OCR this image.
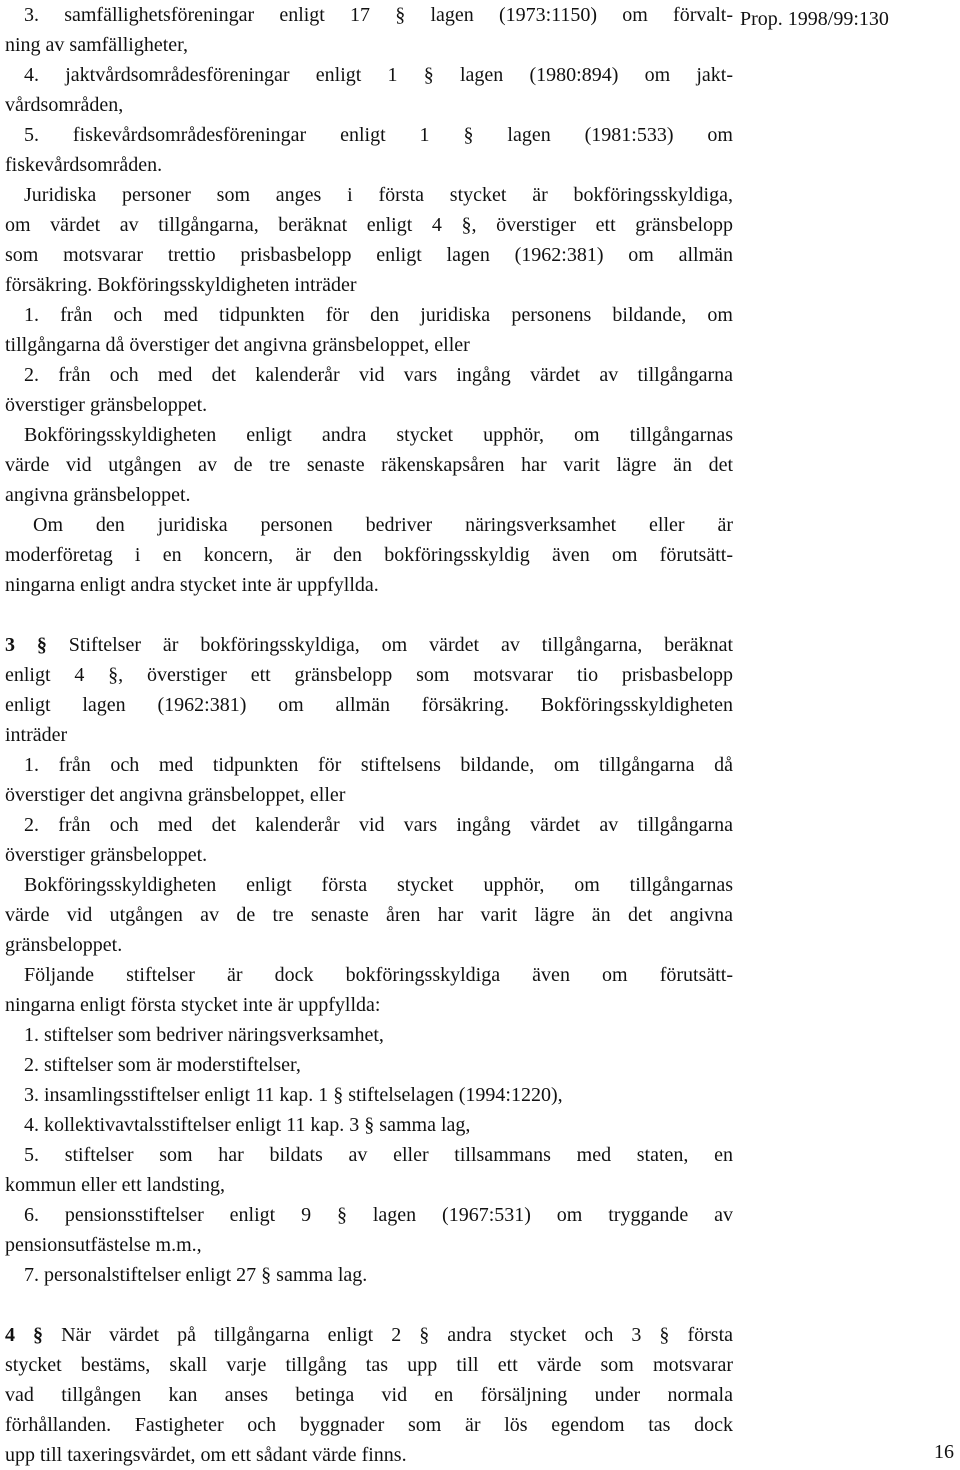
Prop. 1998/99:130
3. samfällighetsföreningar enligt 17 § lagen (1973:1150) om förvalt-
ning av samfälligheter,
4. jaktvårdsområdesföreningar enligt 1 § lagen (1980:894) om jakt-
vårdsområden,
5. fiskevårdsområdesföreningar enligt 1 § lagen (1981:533) om
fiskevårdsområden.
Juridiska personer som anges i första stycket är bokföringsskyldiga,
om värdet av tillgångarna, beräknat enligt 4 §, överstiger ett gränsbelopp
som motsvarar trettio prisbasbelopp enligt lagen (1962:381) om allmän
försäkring. Bokföringsskyldigheten inträder
1. från och med tidpunkten för den juridiska personens bildande, om
tillgångarna då överstiger det angivna gränsbeloppet, eller
2. från och med det kalenderår vid vars ingång värdet av tillgångarna
överstiger gränsbeloppet.
Bokföringsskyldigheten enligt andra stycket upphör, om tillgångarnas
värde vid utgången av de tre senaste räkenskapsåren har varit lägre än det
angivna gränsbeloppet.
Om den juridiska personen bedriver näringsverksamhet eller är
moderföretag i en koncern, är den bokföringsskyldig även om förutsätt-
ningarna enligt andra stycket inte är uppfyllda.
3 § Stiftelser är bokföringsskyldiga, om värdet av tillgångarna, beräknat
enligt 4 §, överstiger ett gränsbelopp som motsvarar tio prisbasbelopp
enligt lagen (1962:381) om allmän försäkring. Bokföringsskyldigheten
inträder
1. från och med tidpunkten för stiftelsens bildande, om tillgångarna då
överstiger det angivna gränsbeloppet, eller
2. från och med det kalenderår vid vars ingång värdet av tillgångarna
överstiger gränsbeloppet.
Bokföringsskyldigheten enligt första stycket upphör, om tillgångarnas
värde vid utgången av de tre senaste åren har varit lägre än det angivna
gränsbeloppet.
Följande stiftelser är dock bokföringsskyldiga även om förutsätt-
ningarna enligt första stycket inte är uppfyllda:
1. stiftelser som bedriver näringsverksamhet,
2. stiftelser som är moderstiftelser,
3. insamlingsstiftelser enligt 11 kap. 1 § stiftelselagen (1994:1220),
4. kollektivavtalsstiftelser enligt 11 kap. 3 § samma lag,
5. stiftelser som har bildats av eller tillsammans med staten, en
kommun eller ett landsting,
6. pensionsstiftelser enligt 9 § lagen (1967:531) om tryggande av
pensionsutfästelse m.m.,
7. personalstiftelser enligt 27 § samma lag.
4 § När värdet på tillgångarna enligt 2 § andra stycket och 3 § första
stycket bestäms, skall varje tillgång tas upp till ett värde som motsvarar
vad tillgången kan anses betinga vid en försäljning under normala
förhållanden. Fastigheter och byggnader som är lös egendom tas dock
upp till taxeringsvärdet, om ett sådant värde finns.	16
